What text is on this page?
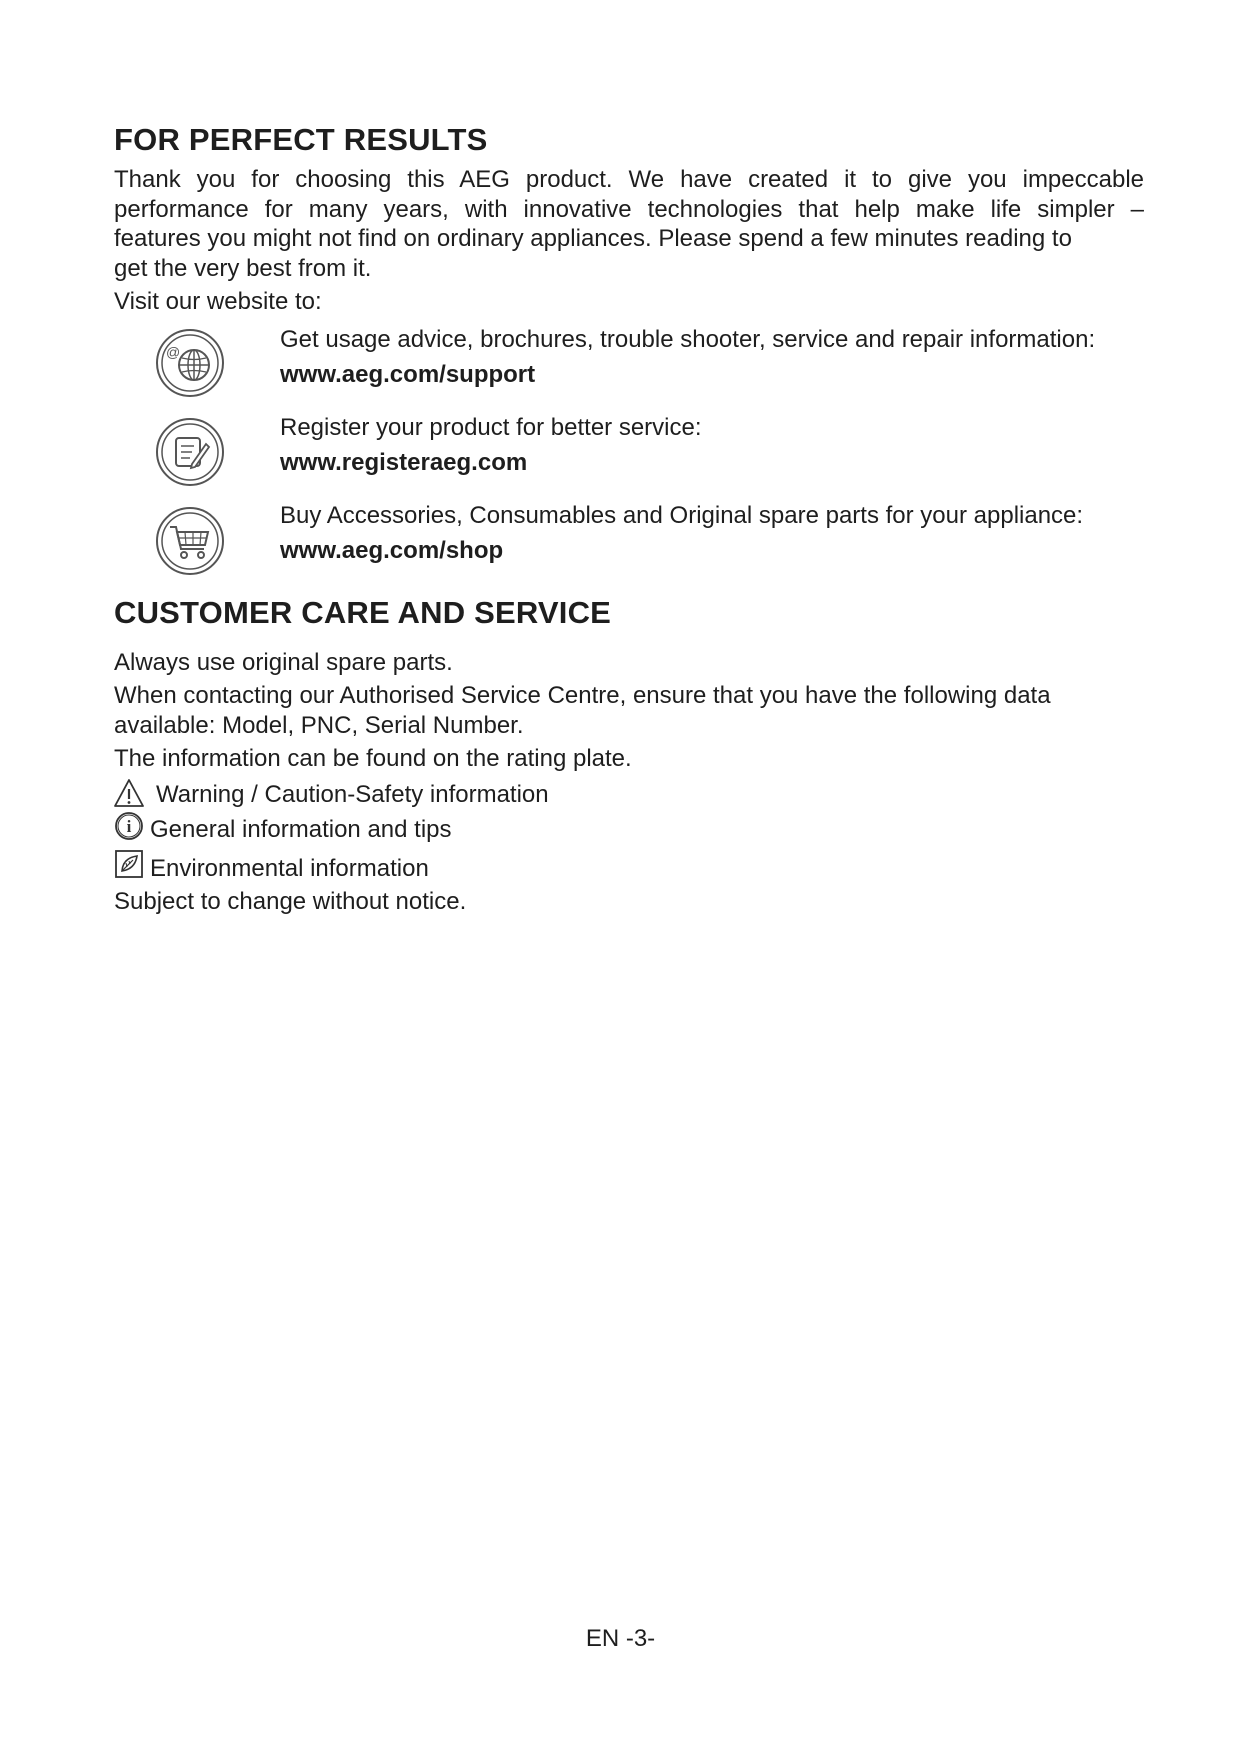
FOR PERFECT RESULTS
Thank you for choosing this AEG product. We have created it to give you impeccable
performance for many years, with innovative technologies that help make life simpler –

features you might not find on ordinary appliances. Please spend a few minutes reading to

get the very best from it.

Visit our website to:

@	Get usage advice, brochures, trouble shooter, service and repair information:
www.aeg.com/support
Register your product for better service:
www.registeraeg.com
Buy Accessories, Consumables and Original spare parts for your appliance:
www.aeg.com/shop
CUSTOMER CARE AND SERVICE

Always use original spare parts.

When contacting our Authorised Service Centre, ensure that you have the following data

available: Model, PNC, Serial Number.

The information can be found on the rating plate.

Warning / Caution-Safety information
i General information and tips
Environmental information

Subject to change without notice.

EN -3-
